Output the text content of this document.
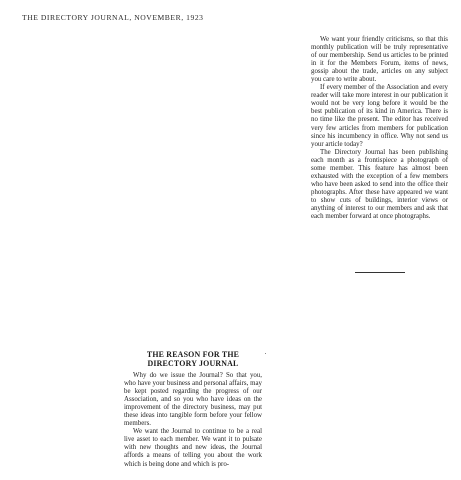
THE DIRECTORY JOURNAL, NOVEMBER, 1923

We want your friendly criticisms, so that this monthly publication will be truly representative of our membership. Send us articles to be printed in it for the Members Forum, items of news, gossip about the trade, articles on any subject you care to write about.

If every member of the Association and every reader will take more interest in our publication it would not be very long before it would be the best publication of its kind in America. There is no time like the present. The editor has received very few articles from members for publication since his incumbency in office. Why not send us your article today?

The Directory Journal has been publishing each month as a frontispiece a photograph of some member. This feature has almost been exhausted with the exception of a few members who have been asked to send into the office their photographs. After these have appeared we want to show cuts of buildings, interior views or anything of interest to our members and ask that each member forward at once photographs.

THE REASON FOR THE
DIRECTORY JOURNAL

Why do we issue the Journal? So that you, who have your business and personal affairs, may be kept posted regarding the progress of our Association, and so you who have ideas on the improvement of the directory business, may put these ideas into tangible form before your fellow members.

We want the Journal to continue to be a real live asset to each member. We want it to pulsate with new thoughts and new ideas, the Journal affords a means of telling you about the work which is being done and which is pro-
